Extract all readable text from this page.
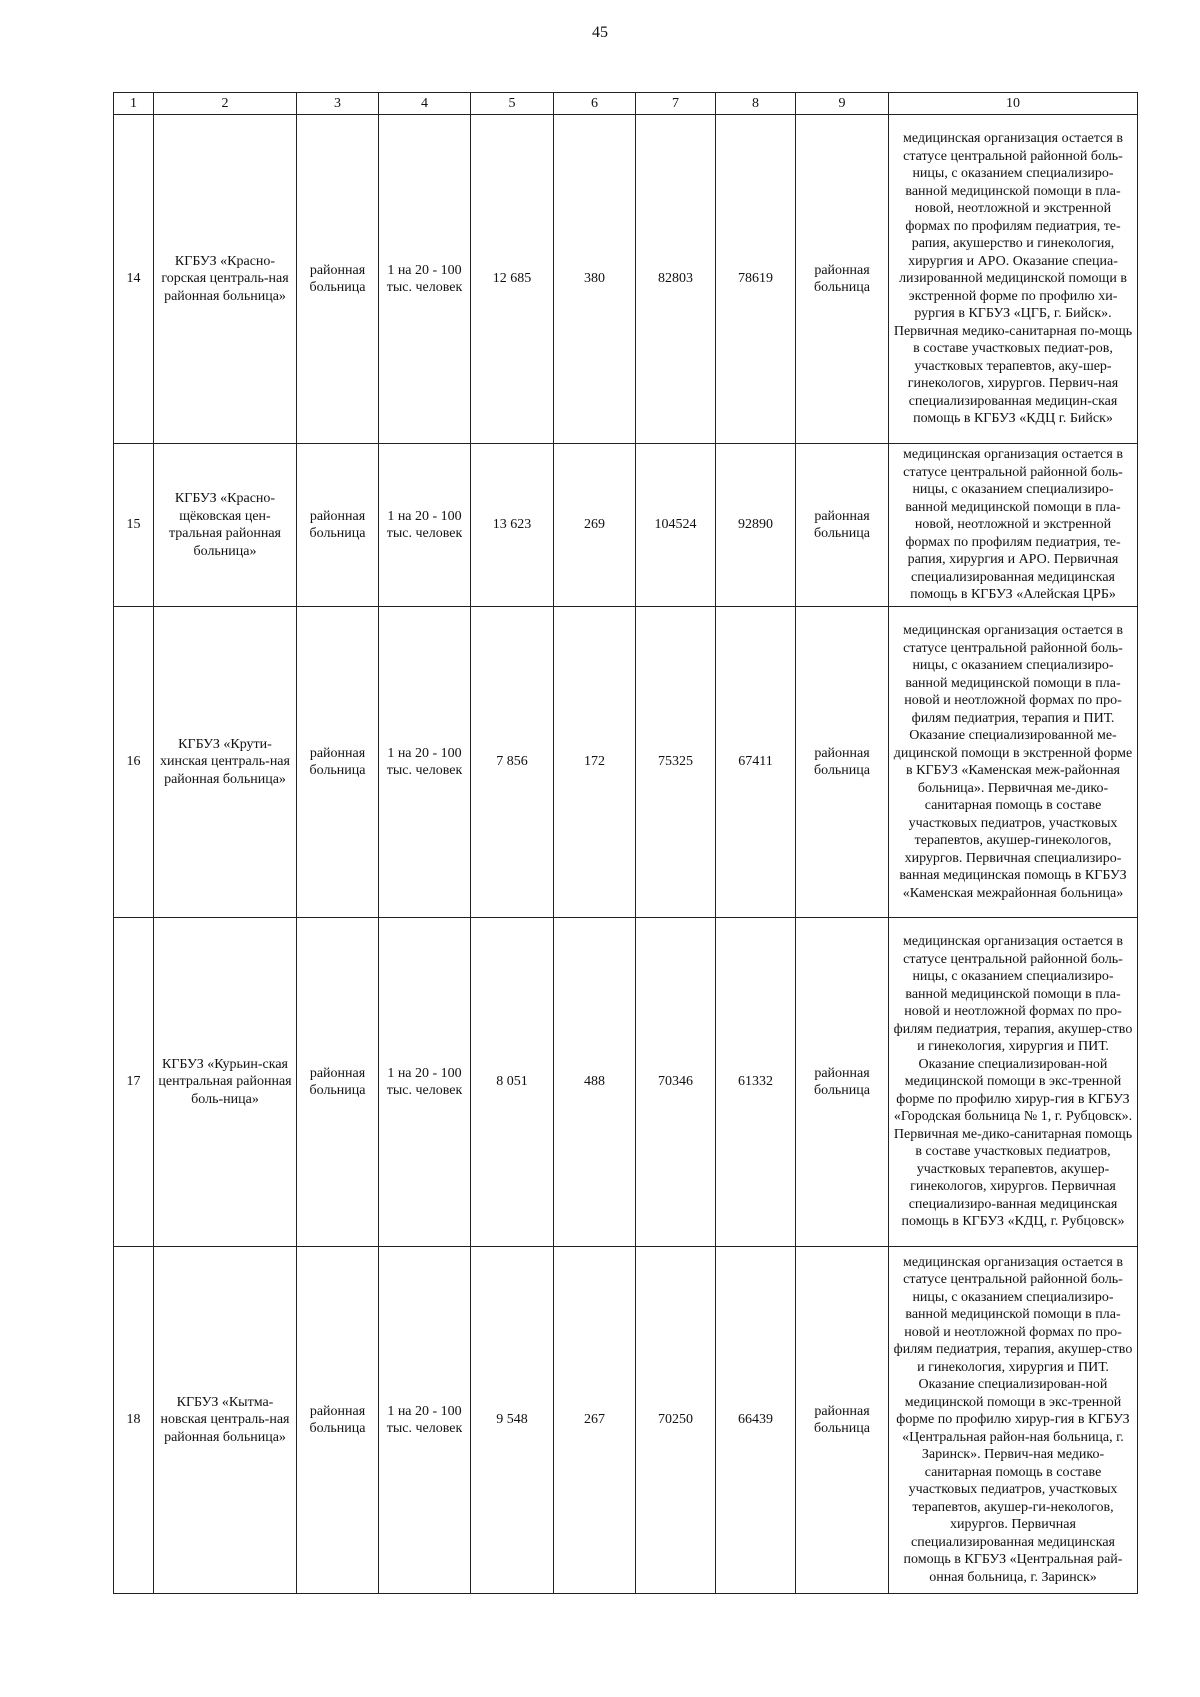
45
1	2	3	4	5	6	7	8	9	10
14	КГБУЗ «Красно-горская централь-ная районная больница»	районная больница	1 на 20 - 100 тыс. человек	12 685	380	82803	78619	районная больница	медицинская организация остается в статусе центральной районной боль-ницы, с оказанием специализиро-ванной медицинской помощи в пла-новой, неотложной и экстренной формах по профилям педиатрия, те-рапия, акушерство и гинекология, хирургия и АРО. Оказание специа-лизированной медицинской помощи в экстренной форме по профилю хи-рургия в КГБУЗ «ЦГБ, г. Бийск». Первичная медико-санитарная по-мощь в составе участковых педиат-ров, участковых терапевтов, аку-шер-гинекологов, хирургов. Первич-ная специализированная медицин-ская помощь в КГБУЗ «КДЦ г. Бийск»
15	КГБУЗ «Красно-щёковская цен-тральная районная больница»	районная больница	1 на 20 - 100 тыс. человек	13 623	269	104524	92890	районная больница	медицинская организация остается в статусе центральной районной боль-ницы, с оказанием специализиро-ванной медицинской помощи в пла-новой, неотложной и экстренной формах по профилям педиатрия, те-рапия, хирургия и АРО. Первичная специализированная медицинская помощь в КГБУЗ «Алейская ЦРБ»
16	КГБУЗ «Крути-хинская централь-ная районная больница»	районная больница	1 на 20 - 100 тыс. человек	7 856	172	75325	67411	районная больница	медицинская организация остается в статусе центральной районной боль-ницы, с оказанием специализиро-ванной медицинской помощи в пла-новой и неотложной формах по про-филям педиатрия, терапия и ПИТ. Оказание специализированной ме-дицинской помощи в экстренной форме в КГБУЗ «Каменская меж-районная больница». Первичная ме-дико-санитарная помощь в составе участковых педиатров, участковых терапевтов, акушер-гинекологов, хирургов. Первичная специализиро-ванная медицинская помощь в КГБУЗ «Каменская межрайонная больница»
17	КГБУЗ «Курьин-ская центральная районная боль-ница»	районная больница	1 на 20 - 100 тыс. человек	8 051	488	70346	61332	районная больница	медицинская организация остается в статусе центральной районной боль-ницы, с оказанием специализиро-ванной медицинской помощи в пла-новой и неотложной формах по про-филям педиатрия, терапия, акушер-ство и гинекология, хирургия и ПИТ. Оказание специализирован-ной медицинской помощи в экс-тренной форме по профилю хирур-гия в КГБУЗ «Городская больница № 1, г. Рубцовск». Первичная ме-дико-санитарная помощь в составе участковых педиатров, участковых терапевтов, акушер-гинекологов, хирургов. Первичная специализиро-ванная медицинская помощь в КГБУЗ «КДЦ, г. Рубцовск»
18	КГБУЗ «Кытма-новская централь-ная районная больница»	районная больница	1 на 20 - 100 тыс. человек	9 548	267	70250	66439	районная больница	медицинская организация остается в статусе центральной районной боль-ницы, с оказанием специализиро-ванной медицинской помощи в пла-новой и неотложной формах по про-филям педиатрия, терапия, акушер-ство и гинекология, хирургия и ПИТ. Оказание специализирован-ной медицинской помощи в экс-тренной форме по профилю хирур-гия в КГБУЗ «Центральная район-ная больница, г. Заринск». Первич-ная медико-санитарная помощь в составе участковых педиатров, участковых терапевтов, акушер-ги-некологов, хирургов. Первичная специализированная медицинская помощь в КГБУЗ «Центральная рай-онная больница, г. Заринск»
